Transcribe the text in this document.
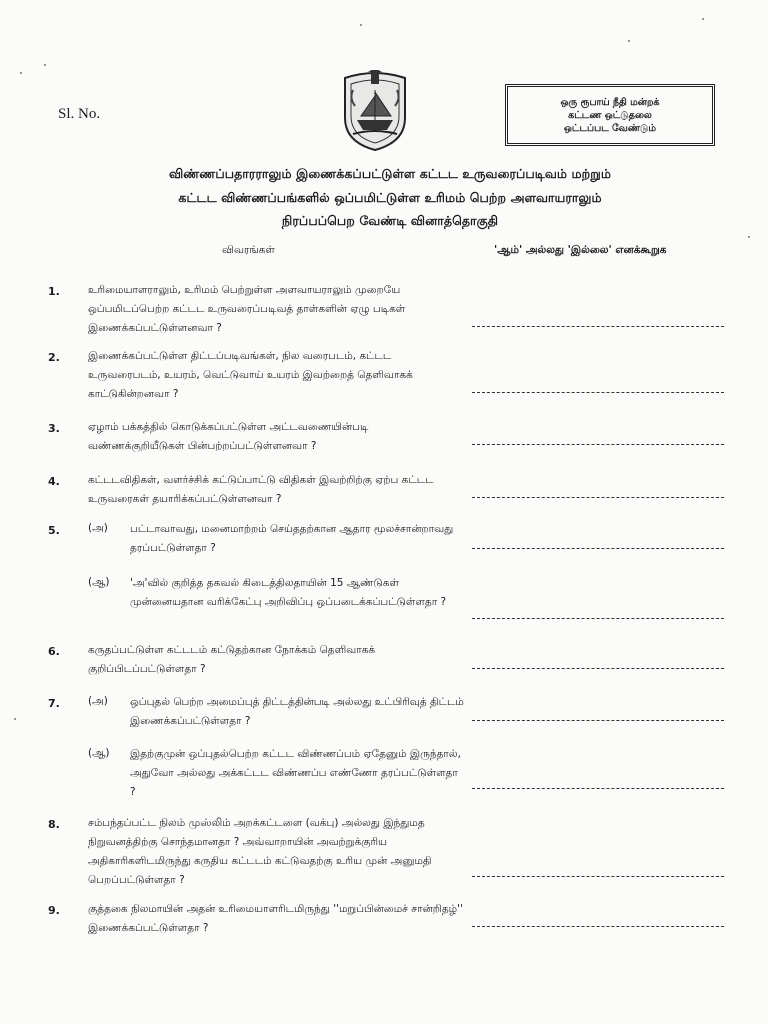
Sl. No.
ஒரு ரூபாய் நீதி மன்றக்
கட்டண ஒட்டுதலை
ஒட்டப்பட வேண்டும்
விண்ணப்பதாரராலும் இணைக்கப்பட்டுள்ள கட்டட உருவரைப்படிவம் மற்றும்
கட்டட விண்ணப்பங்களில் ஒப்பமிட்டுள்ள உரிமம் பெற்ற அளவாயராலும்
நிரப்பப்பெற வேண்டி வினாத்தொகுதி
விவரங்கள்	'ஆம்' அல்லது 'இல்லை' எனக்கூறுக
1.	உரிமையாளராலும், உரிமம் பெற்றுள்ள அளவாயராலும் முறையே ஒப்பமிடப்பெற்ற கட்டட உருவரைப்படிவத் தாள்களின் ஏழு படிகள் இணைக்கப்பட்டுள்ளனவா ?
2.	இணைக்கப்பட்டுள்ள திட்டப்படிவங்கள், நில வரைபடம், கட்டட உருவரைபடம், உயரம், வெட்டுவாய் உயரம் இவற்றைத் தெளிவாகக் காட்டுகின்றனவா ?
3.	ஏழாம் பக்கத்தில் கொடுக்கப்பட்டுள்ள அட்டவணையின்படி வண்ணக்குறியீடுகள் பின்பற்றப்பட்டுள்ளனவா ?
4.	கட்டடவிதிகள், வளர்ச்சிக் கட்டுப்பாட்டு விதிகள் இவற்றிற்கு ஏற்ப கட்டட உருவரைகள் தயாரிக்கப்பட்டுள்ளனவா ?
5.	(அ) பட்டாவாவது, மனைமாற்றம் செய்ததற்கான ஆதார மூலச்சான்றாவது தரப்பட்டுள்ளதா ?
(ஆ) 'அ'வில் குறித்த தகவல் கிடைத்திலதாயின் 15 ஆண்டுகள் முன்னையதான வரிக்கேட்பு அறிவிப்பு ஒப்படைக்கப்பட்டுள்ளதா ?
6.	கருதப்பட்டுள்ள கட்டடம் கட்டுதற்கான நோக்கம் தெளிவாகக் குறிப்பிடப்பட்டுள்ளதா ?
7.	(அ) ஒப்புதல் பெற்ற அமைப்புத் திட்டத்தின்படி அல்லது உட்பிரிவுத் திட்டம் இணைக்கப்பட்டுள்ளதா ?
(ஆ) இதற்குமுன் ஒப்புதல்பெற்ற கட்டட விண்ணப்பம் ஏதேனும் இருந்தால், அதுவோ அல்லது அக்கட்டட விண்ணப்ப எண்ணோ தரப்பட்டுள்ளதா ?
8.	சம்பந்தப்பட்ட நிலம் முஸ்லிம் அறக்கட்டளை (வக்பு) அல்லது இந்துமத நிறுவனத்திற்கு சொந்தமானதா ? அவ்வாறாயின் அவற்றுக்குரிய அதிகாரிகளிடமிருந்து கருதிய கட்டடம் கட்டுவதற்கு உரிய முன் அனுமதி பெறப்பட்டுள்ளதா ?
9.	குத்தகை நிலமாயின் அதன் உரிமையாளரிடமிருந்து ''மறுப்பின்மைச் சான்றிதழ்'' இணைக்கப்பட்டுள்ளதா ?
